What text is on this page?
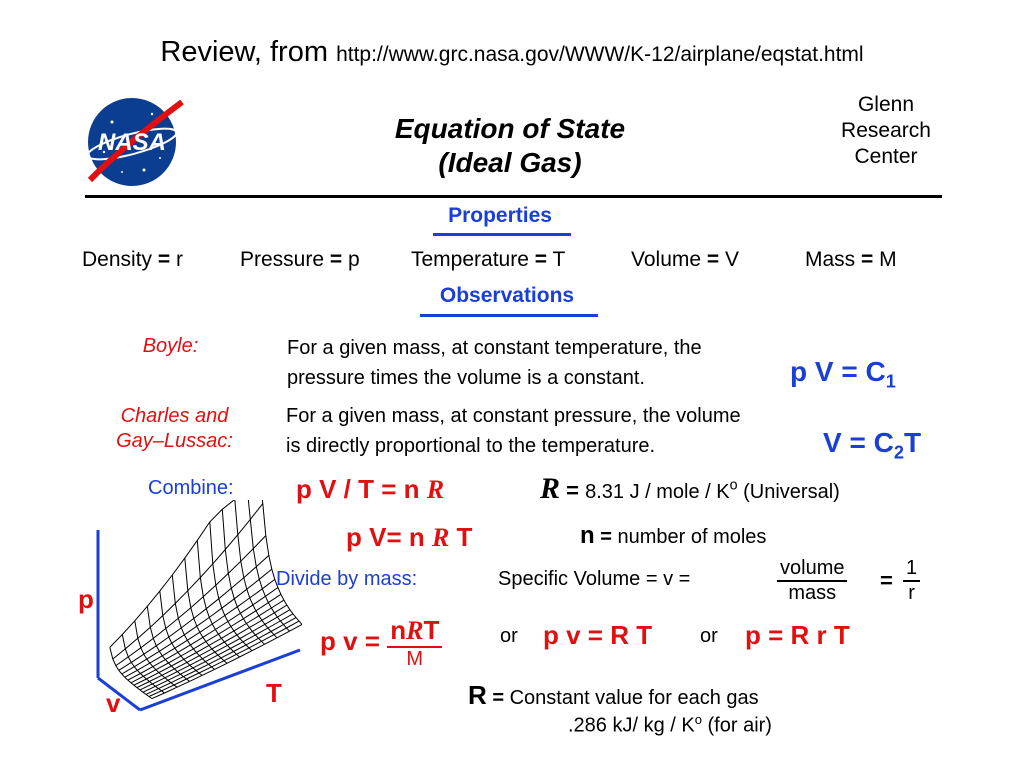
Review, from http://www.grc.nasa.gov/WWW/K-12/airplane/eqstat.html
NASA	Equation of State
(Ideal Gas)
Glenn
Research
Center
Properties
Density = r	Pressure = p Temperature = T	Volume = V	Mass = M
Observations
Boyle:	For a given mass, at constant temperature, the
pressure times the volume is a constant.	p $V = C_1$
Charles and
Gay–Lussac:
For a given mass, at constant pressure, the volume
is directly proportional to the temperature.	$V = C_2T$
Combine: p V / T = n R	R = 8.31 J / mole / $K^o$ (Universal)
p V= n R T	n = number of moles
Divide by mass:	Specific Volume = v =	$\frac{\text{volume}}{\text{mass}} = \frac{1}{r}$
p $v = \frac{\text{nRT}}{M}$	or p v = R T or p = R r T
R = Constant value for each gas
.286 kJ/ kg / $K^o$ (for air)
p
v	T
